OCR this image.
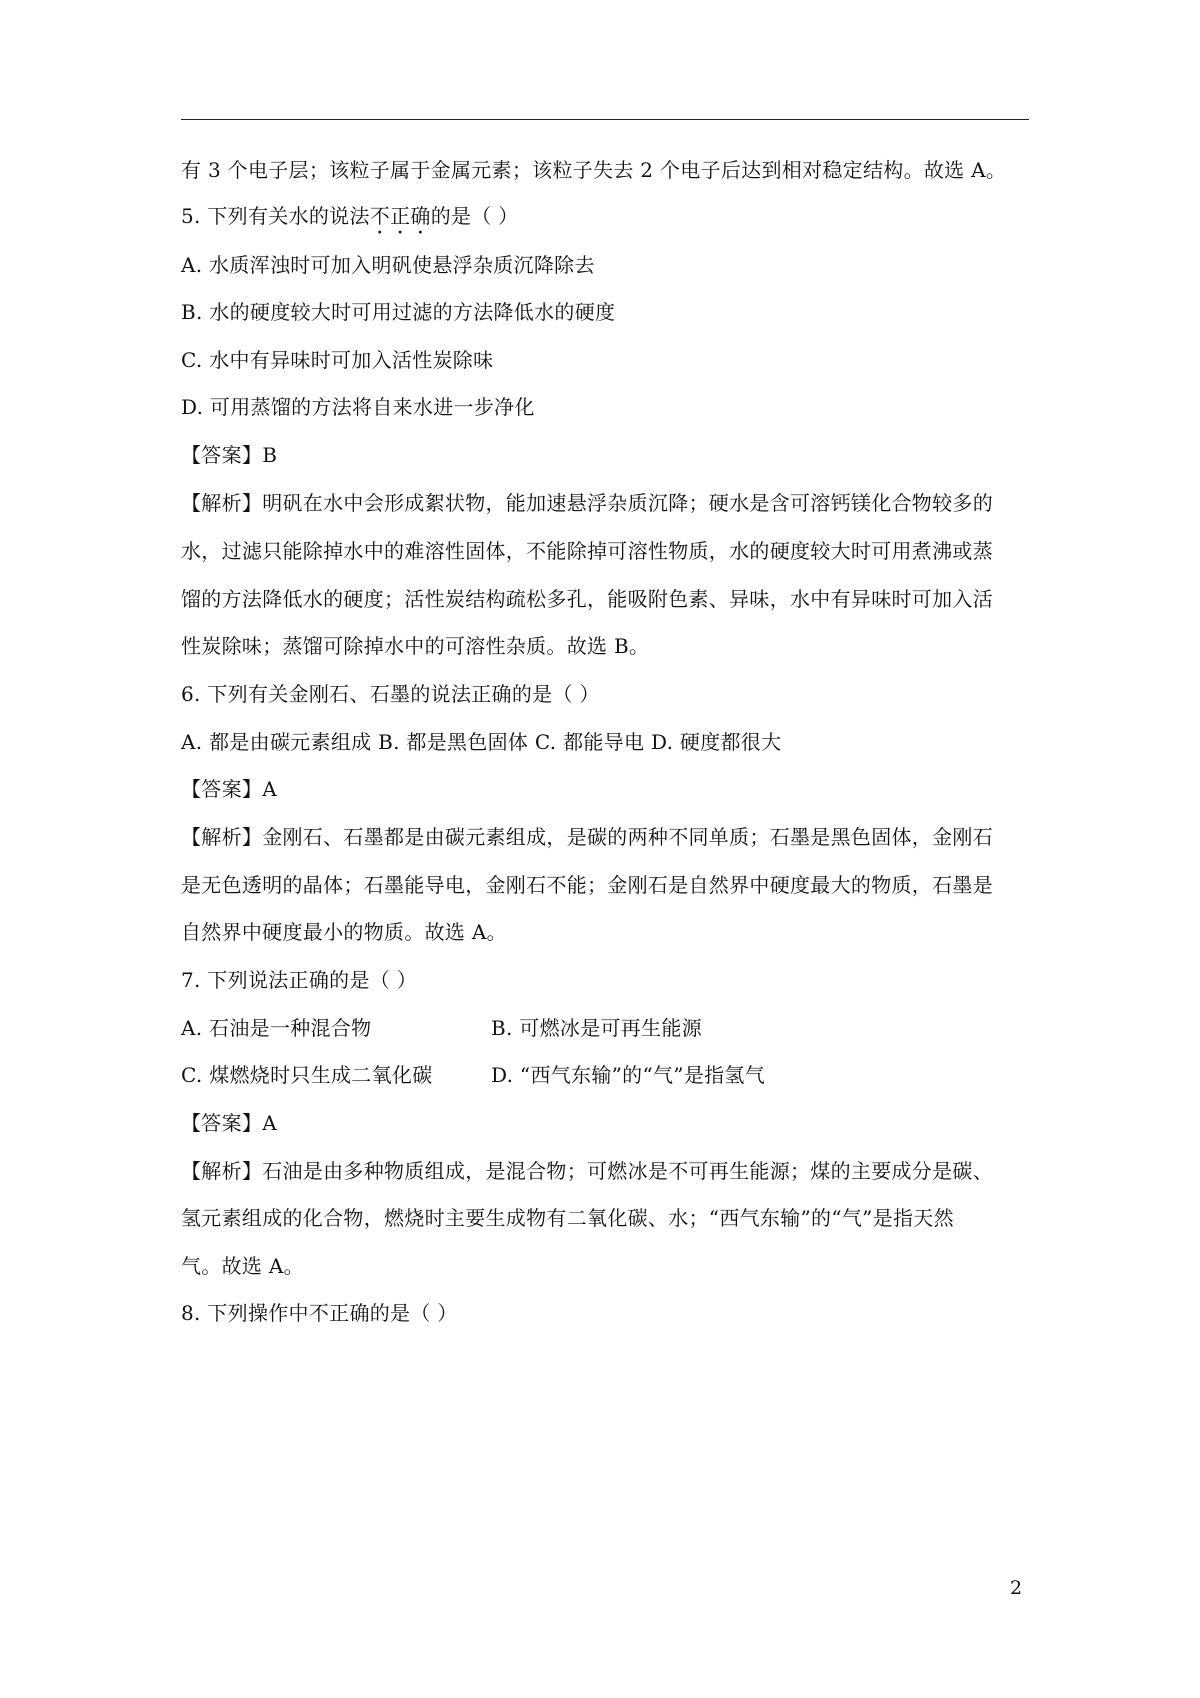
有 3 个电子层；该粒子属于金属元素；该粒子失去 2 个电子后达到相对稳定结构。故选 A。
5. 下列有关水的说法不正确的是（ ）
A. 水质浑浊时可加入明矾使悬浮杂质沉降除去
B. 水的硬度较大时可用过滤的方法降低水的硬度
C. 水中有异味时可加入活性炭除味
D. 可用蒸馏的方法将自来水进一步净化
【答案】B
【解析】明矾在水中会形成絮状物，能加速悬浮杂质沉降；硬水是含可溶钙镁化合物较多的
水，过滤只能除掉水中的难溶性固体，不能除掉可溶性物质，水的硬度较大时可用煮沸或蒸
馏的方法降低水的硬度；活性炭结构疏松多孔，能吸附色素、异味，水中有异味时可加入活
性炭除味；蒸馏可除掉水中的可溶性杂质。故选 B。
6. 下列有关金刚石、石墨的说法正确的是（ ）
A. 都是由碳元素组成 B. 都是黑色固体 C. 都能导电 D. 硬度都很大
【答案】A
【解析】金刚石、石墨都是由碳元素组成，是碳的两种不同单质；石墨是黑色固体，金刚石
是无色透明的晶体；石墨能导电，金刚石不能；金刚石是自然界中硬度最大的物质，石墨是
自然界中硬度最小的物质。故选 A。
7. 下列说法正确的是（ ）
A. 石油是一种混合物	B. 可燃冰是可再生能源
C. 煤燃烧时只生成二氧化碳	D. “西气东输”的“气”是指氢气
【答案】A
【解析】石油是由多种物质组成，是混合物；可燃冰是不可再生能源；煤的主要成分是碳、
氢元素组成的化合物，燃烧时主要生成物有二氧化碳、水；“西气东输”的“气”是指天然
气。故选 A。
8. 下列操作中不正确的是（ ）
2
